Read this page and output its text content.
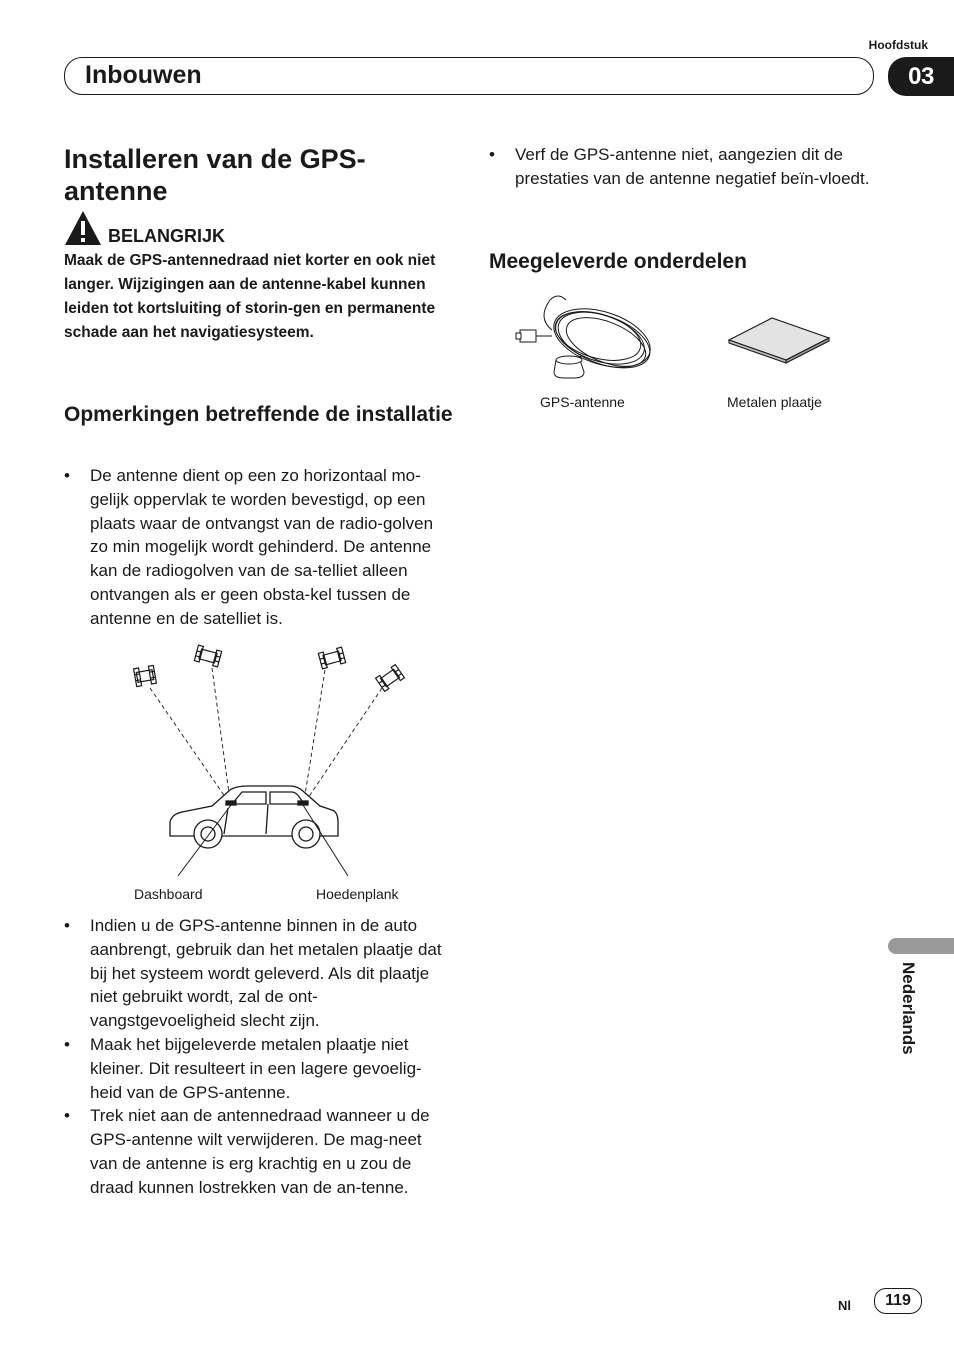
Hoofdstuk
Inbouwen	03
Installeren van de GPS-antenne
BELANGRIJK
Maak de GPS-antennedraad niet korter en ook niet langer. Wijzigingen aan de antenne-kabel kunnen leiden tot kortsluiting of storin-gen en permanente schade aan het navigatiesysteem.
Opmerkingen betreffende de installatie
• De antenne dient op een zo horizontaal mo-gelijk oppervlak te worden bevestigd, op een plaats waar de ontvangst van de radio-golven zo min mogelijk wordt gehinderd. De antenne kan de radiogolven van de sa-telliet alleen ontvangen als er geen obsta-kel tussen de antenne en de satelliet is.
Dashboard	Hoedenplank
• Indien u de GPS-antenne binnen in de auto aanbrengt, gebruik dan het metalen plaatje dat bij het systeem wordt geleverd. Als dit plaatje niet gebruikt wordt, zal de ont-vangstgevoeligheid slecht zijn.
• Maak het bijgeleverde metalen plaatje niet kleiner. Dit resulteert in een lagere gevoelig-heid van de GPS-antenne.
• Trek niet aan de antennedraad wanneer u de GPS-antenne wilt verwijderen. De mag-neet van de antenne is erg krachtig en u zou de draad kunnen lostrekken van de an-tenne.
• Verf de GPS-antenne niet, aangezien dit de prestaties van de antenne negatief beïn-vloedt.
Meegeleverde onderdelen
GPS-antenne	Metalen plaatje
Nederlands
Nl	119
